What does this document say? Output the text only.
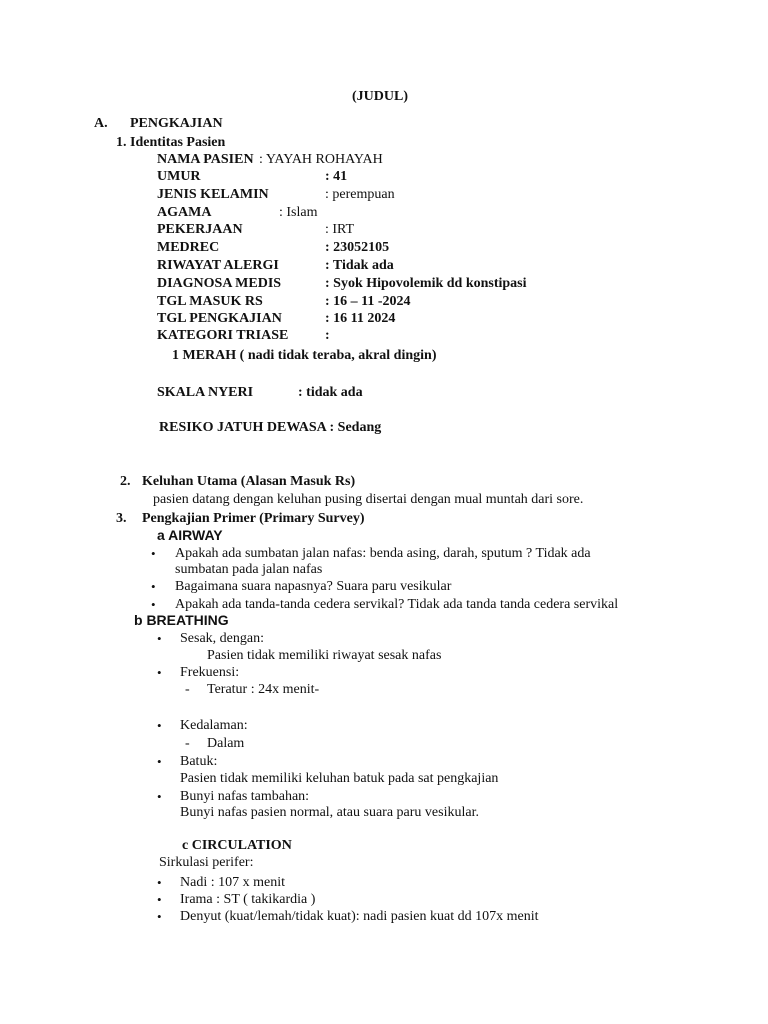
(JUDUL)
A. PENGKAJIAN
1. Identitas Pasien
NAMA PASIEN : YAYAH ROHAYAH
UMUR	: 41
JENIS KELAMIN	: perempuan
AGAMA	: Islam
PEKERJAAN	: IRT
MEDREC	: 23052105
RIWAYAT ALERGI	: Tidak ada
DIAGNOSA MEDIS	: Syok Hipovolemik dd konstipasi
TGL MASUK RS	: 16 – 11 -2024
TGL PENGKAJIAN	: 16 11 2024
KATEGORI TRIASE	:
1 MERAH ( nadi tidak teraba, akral dingin)
SKALA NYERI	: tidak ada
RESIKO JATUH DEWASA : Sedang
2. Keluhan Utama (Alasan Masuk Rs)
pasien datang dengan keluhan pusing disertai dengan mual muntah dari sore.
3. Pengkajian Primer (Primary Survey)
a AIRWAY
• Apakah ada sumbatan jalan nafas: benda asing, darah, sputum ? Tidak ada
sumbatan pada jalan nafas
• Bagaimana suara napasnya? Suara paru vesikular
• Apakah ada tanda-tanda cedera servikal? Tidak ada tanda tanda cedera servikal
b BREATHING
• Sesak, dengan:
Pasien tidak memiliki riwayat sesak nafas
• Frekuensi:
- Teratur : 24x menit-
• Kedalaman:
- Dalam
• Batuk:
Pasien tidak memiliki keluhan batuk pada sat pengkajian
• Bunyi nafas tambahan:
Bunyi nafas pasien normal, atau suara paru vesikular.
c CIRCULATION
Sirkulasi perifer:
• Nadi : 107 x menit
• Irama : ST ( takikardia )
• Denyut (kuat/lemah/tidak kuat): nadi pasien kuat dd 107x menit
